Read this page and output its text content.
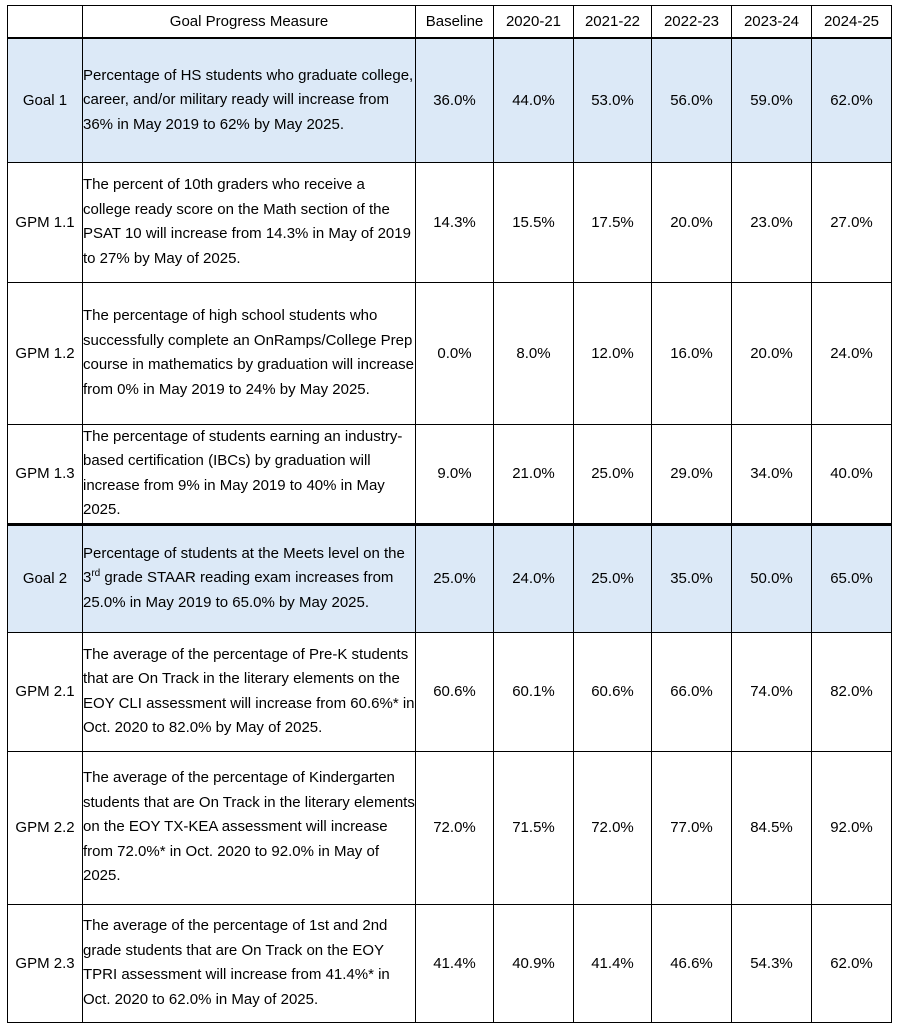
	Goal Progress Measure	Baseline	2020-21	2021-22	2022-23	2023-24	2024-25
Goal 1	Percentage of HS students who graduate college, career, and/or military ready will increase from 36% in May 2019 to 62% by May 2025.	36.0%	44.0%	53.0%	56.0%	59.0%	62.0%
GPM 1.1	The percent of 10th graders who receive a college ready score on the Math section of the PSAT 10 will increase from 14.3% in May of 2019 to 27% by May of 2025.	14.3%	15.5%	17.5%	20.0%	23.0%	27.0%
GPM 1.2	The percentage of high school students who successfully complete an OnRamps/College Prep course in mathematics by graduation will increase from 0% in May 2019 to 24% by May 2025.	0.0%	8.0%	12.0%	16.0%	20.0%	24.0%
GPM 1.3	The percentage of students earning an industry-based certification (IBCs) by graduation will increase from 9% in May 2019 to 40% in May 2025.	9.0%	21.0%	25.0%	29.0%	34.0%	40.0%
Goal 2	Percentage of students at the Meets level on the 3rd grade STAAR reading exam increases from 25.0% in May 2019 to 65.0% by May 2025.	25.0%	24.0%	25.0%	35.0%	50.0%	65.0%
GPM 2.1	The average of the percentage of Pre-K students that are On Track in the literary elements on the EOY CLI assessment will increase from 60.6%* in Oct. 2020 to 82.0% by May of 2025.	60.6%	60.1%	60.6%	66.0%	74.0%	82.0%
GPM 2.2	The average of the percentage of Kindergarten students that are On Track in the literary elements on the EOY TX-KEA assessment will increase from 72.0%* in Oct. 2020 to 92.0% in May of 2025.	72.0%	71.5%	72.0%	77.0%	84.5%	92.0%
GPM 2.3	The average of the percentage of 1st and 2nd grade students that are On Track on the EOY TPRI assessment will increase from 41.4%* in Oct. 2020 to 62.0% in May of 2025.	41.4%	40.9%	41.4%	46.6%	54.3%	62.0%
